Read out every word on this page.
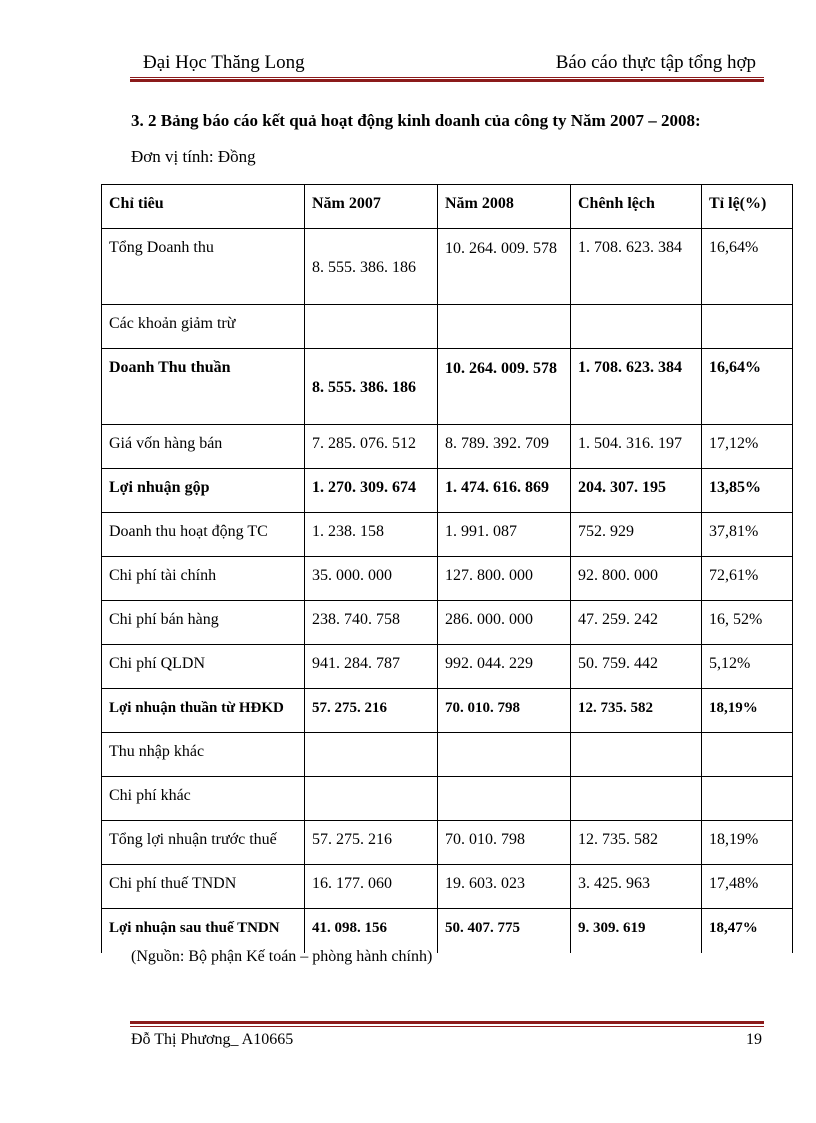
Đại Học Thăng Long	Báo cáo thực tập tổng hợp
3. 2 Bảng báo cáo kết quả hoạt động kinh doanh của công ty Năm 2007 – 2008:
Đơn vị tính: Đồng
Chỉ tiêu	Năm 2007	Năm 2008	Chênh lệch	Tỉ lệ(%)
Tổng Doanh thu	8. 555. 386. 186	10. 264. 009. 578	1. 708. 623. 384	16,64%
Các khoản giảm trừ				
Doanh Thu thuần	8. 555. 386. 186	10. 264. 009. 578	1. 708. 623. 384	16,64%
Giá vốn hàng bán	7. 285. 076. 512	8. 789. 392. 709	1. 504. 316. 197	17,12%
Lợi nhuận gộp	1. 270. 309. 674	1. 474. 616. 869	204. 307. 195	13,85%
Doanh thu hoạt động TC	1. 238. 158	1. 991. 087	752. 929	37,81%
Chi phí tài chính	35. 000. 000	127. 800. 000	92. 800. 000	72,61%
Chi phí bán hàng	238. 740. 758	286. 000. 000	47. 259. 242	16, 52%
Chi phí QLDN	941. 284. 787	992. 044. 229	50. 759. 442	5,12%
Lợi nhuận thuần từ HĐKD	57. 275. 216	70. 010. 798	12. 735. 582	18,19%
Thu nhập khác				
Chi phí khác				
Tổng lợi nhuận trước thuế	57. 275. 216	70. 010. 798	12. 735. 582	18,19%
Chi phí thuế TNDN	16. 177. 060	19. 603. 023	3. 425. 963	17,48%
Lợi nhuận sau thuế TNDN	41. 098. 156	50. 407. 775	9. 309. 619	18,47%
(Nguồn: Bộ phận Kế toán – phòng hành chính)
Đỗ Thị Phương_ A10665	19
